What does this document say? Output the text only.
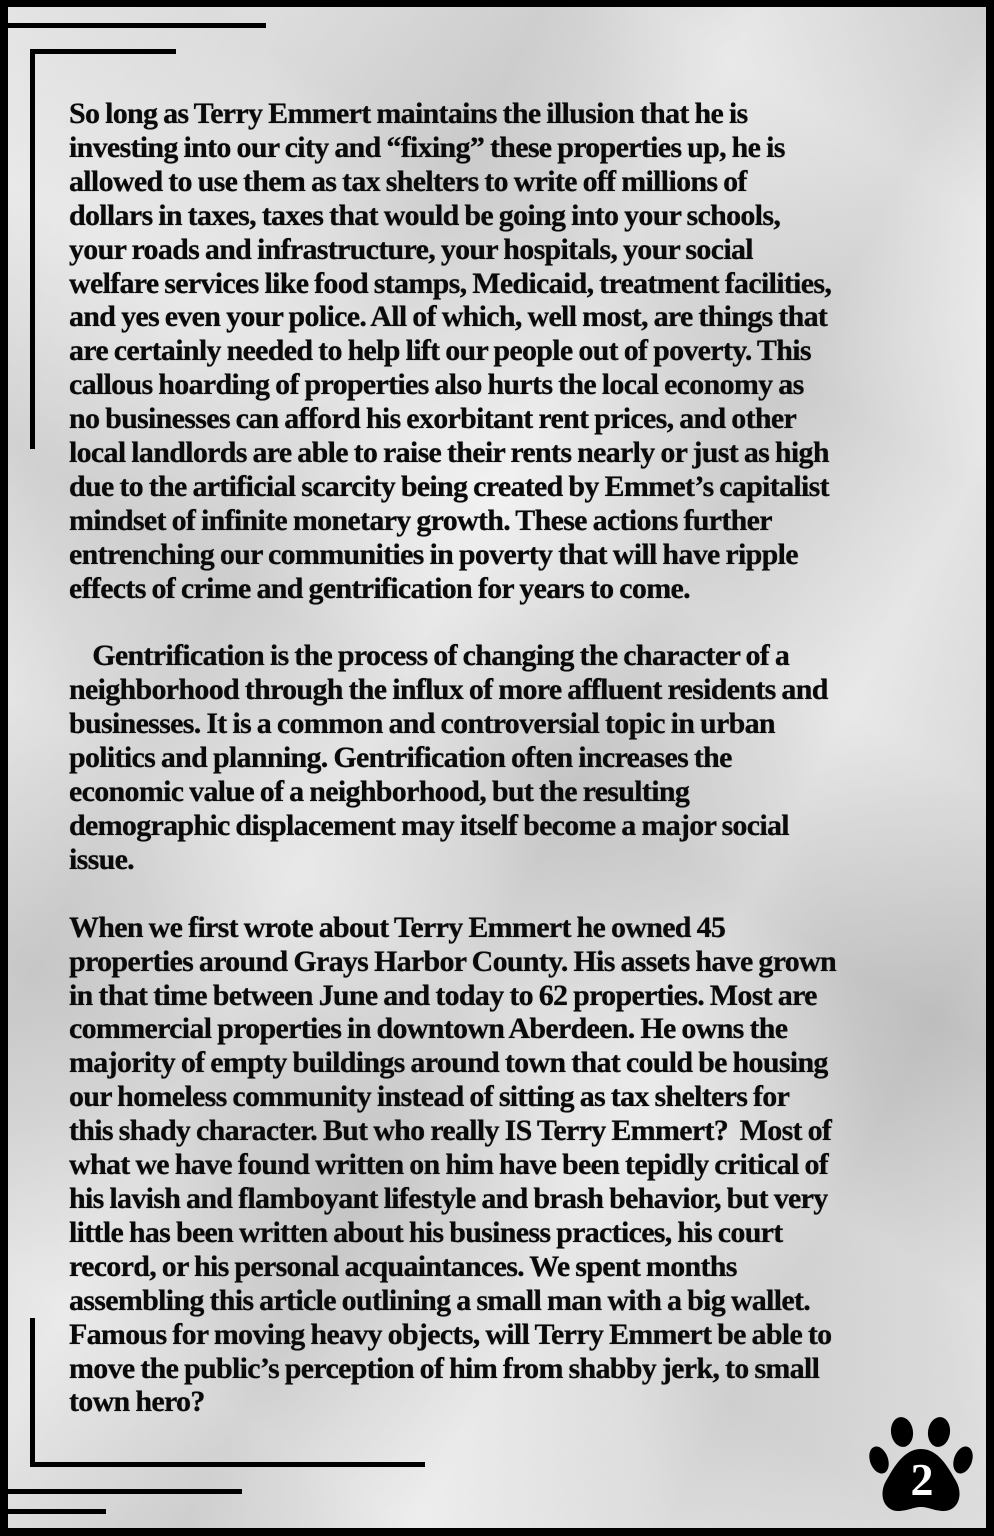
So long as Terry Emmert maintains the illusion that he is
investing into our city and “fixing” these properties up, he is
allowed to use them as tax shelters to write off millions of
dollars in taxes, taxes that would be going into your schools,
your roads and infrastructure, your hospitals, your social
welfare services like food stamps, Medicaid, treatment facilities,
and yes even your police. All of which, well most, are things that
are certainly needed to help lift our people out of poverty. This
callous hoarding of properties also hurts the local economy as
no businesses can afford his exorbitant rent prices, and other
local landlords are able to raise their rents nearly or just as high
due to the artificial scarcity being created by Emmet’s capitalist
mindset of infinite monetary growth. These actions further
entrenching our communities in poverty that will have ripple
effects of crime and gentrification for years to come.

Gentrification is the process of changing the character of a
neighborhood through the influx of more affluent residents and
businesses. It is a common and controversial topic in urban
politics and planning. Gentrification often increases the
economic value of a neighborhood, but the resulting
demographic displacement may itself become a major social
issue.

When we first wrote about Terry Emmert he owned 45
properties around Grays Harbor County. His assets have grown
in that time between June and today to 62 properties. Most are
commercial properties in downtown Aberdeen. He owns the
majority of empty buildings around town that could be housing
our homeless community instead of sitting as tax shelters for
this shady character. But who really IS Terry Emmert?  Most of
what we have found written on him have been tepidly critical of
his lavish and flamboyant lifestyle and brash behavior, but very
little has been written about his business practices, his court
record, or his personal acquaintances. We spent months
assembling this article outlining a small man with a big wallet.
Famous for moving heavy objects, will Terry Emmert be able to
move the public’s perception of him from shabby jerk, to small
town hero?

2
